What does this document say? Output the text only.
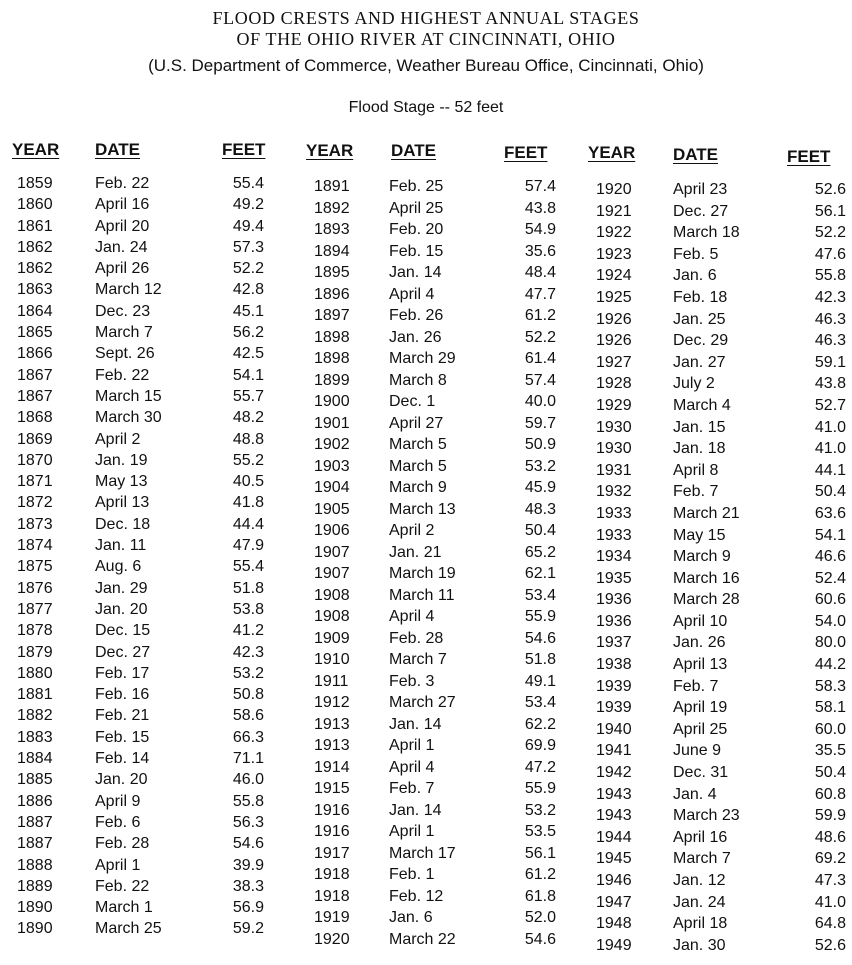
FLOOD CRESTS AND HIGHEST ANNUAL STAGES
OF THE OHIO RIVER AT CINCINNATI, OHIO
(U.S. Department of Commerce, Weather Bureau Office, Cincinnati, Ohio)
Flood Stage -- 52 feet
YEAR DATE	FEET
1859	Feb. 22	55.4
1860	April 16	49.2
1861	April 20	49.4
1862	Jan. 24	57.3
1862	April 26	52.2
1863	March 12	42.8
1864	Dec. 23	45.1
1865	March 7	56.2
1866	Sept. 26	42.5
1867	Feb. 22	54.1
1867	March 15	55.7
1868	March 30	48.2
1869	April 2	48.8
1870	Jan. 19	55.2
1871	May 13	40.5
1872	April 13	41.8
1873	Dec. 18	44.4
1874	Jan. 11	47.9
1875	Aug. 6	55.4
1876	Jan. 29	51.8
1877	Jan. 20	53.8
1878	Dec. 15	41.2
1879	Dec. 27	42.3
1880	Feb. 17	53.2
1881	Feb. 16	50.8
1882	Feb. 21	58.6
1883	Feb. 15	66.3
1884	Feb. 14	71.1
1885	Jan. 20	46.0
1886	April 9	55.8
1887	Feb. 6	56.3
1887	Feb. 28	54.6
1888	April 1	39.9
1889	Feb. 22	38.3
1890	March 1	56.9
1890	March 25	59.2
YEAR DATE	FEET
1891 Feb. 25	57.4
1892 April 25	43.8
1893 Feb. 20	54.9
1894 Feb. 15	35.6
1895 Jan. 14	48.4
1896 April 4	47.7
1897 Feb. 26	61.2
1898 Jan. 26	52.2
1898 March 29	61.4
1899 March 8	57.4
1900 Dec. 1	40.0
1901 April 27	59.7
1902 March 5	50.9
1903 March 5	53.2
1904 March 9	45.9
1905 March 13	48.3
1906 April 2	50.4
1907 Jan. 21	65.2
1907 March 19	62.1
1908 March 11	53.4
1908 April 4	55.9
1909 Feb. 28	54.6
1910 March 7	51.8
1911	Feb. 3	49.1
1912 March 27	53.4
1913 Jan. 14	62.2
1913 April 1	69.9
1914 April 4	47.2
1915 Feb. 7	55.9
1916 Jan. 14	53.2
1916 April 1	53.5
1917 March 17	56.1
1918 Feb. 1	61.2
1918 Feb. 12	61.8
1919 Jan. 6	52.0
1920 March 22	54.6
YEAR DATE	FEET
1920	April 23	52.6
1921	Dec. 27	56.1
1922	March 18	52.2
1923	Feb. 5	47.6
1924	Jan. 6	55.8
1925	Feb. 18	42.3
1926	Jan. 25	46.3
1926	Dec. 29	46.3
1927	Jan. 27	59.1
1928	July 2	43.8
1929	March 4	52.7
1930	Jan. 15	41.0
1930	Jan. 18	41.0
1931	April 8	44.1
1932	Feb. 7	50.4
1933	March 21	63.6
1933	May 15	54.1
1934	March 9	46.6
1935	March 16	52.4
1936	March 28	60.6
1936	April 10	54.0
1937	Jan. 26	80.0
1938	April 13	44.2
1939	Feb. 7	58.3
1939	April 19	58.1
1940	April 25	60.0
1941	June 9	35.5
1942	Dec. 31	50.4
1943	Jan. 4	60.8
1943	March 23	59.9
1944	April 16	48.6
1945	March 7	69.2
1946	Jan. 12	47.3
1947	Jan. 24	41.0
1948	April 18	64.8
1949	Jan. 30	52.6
